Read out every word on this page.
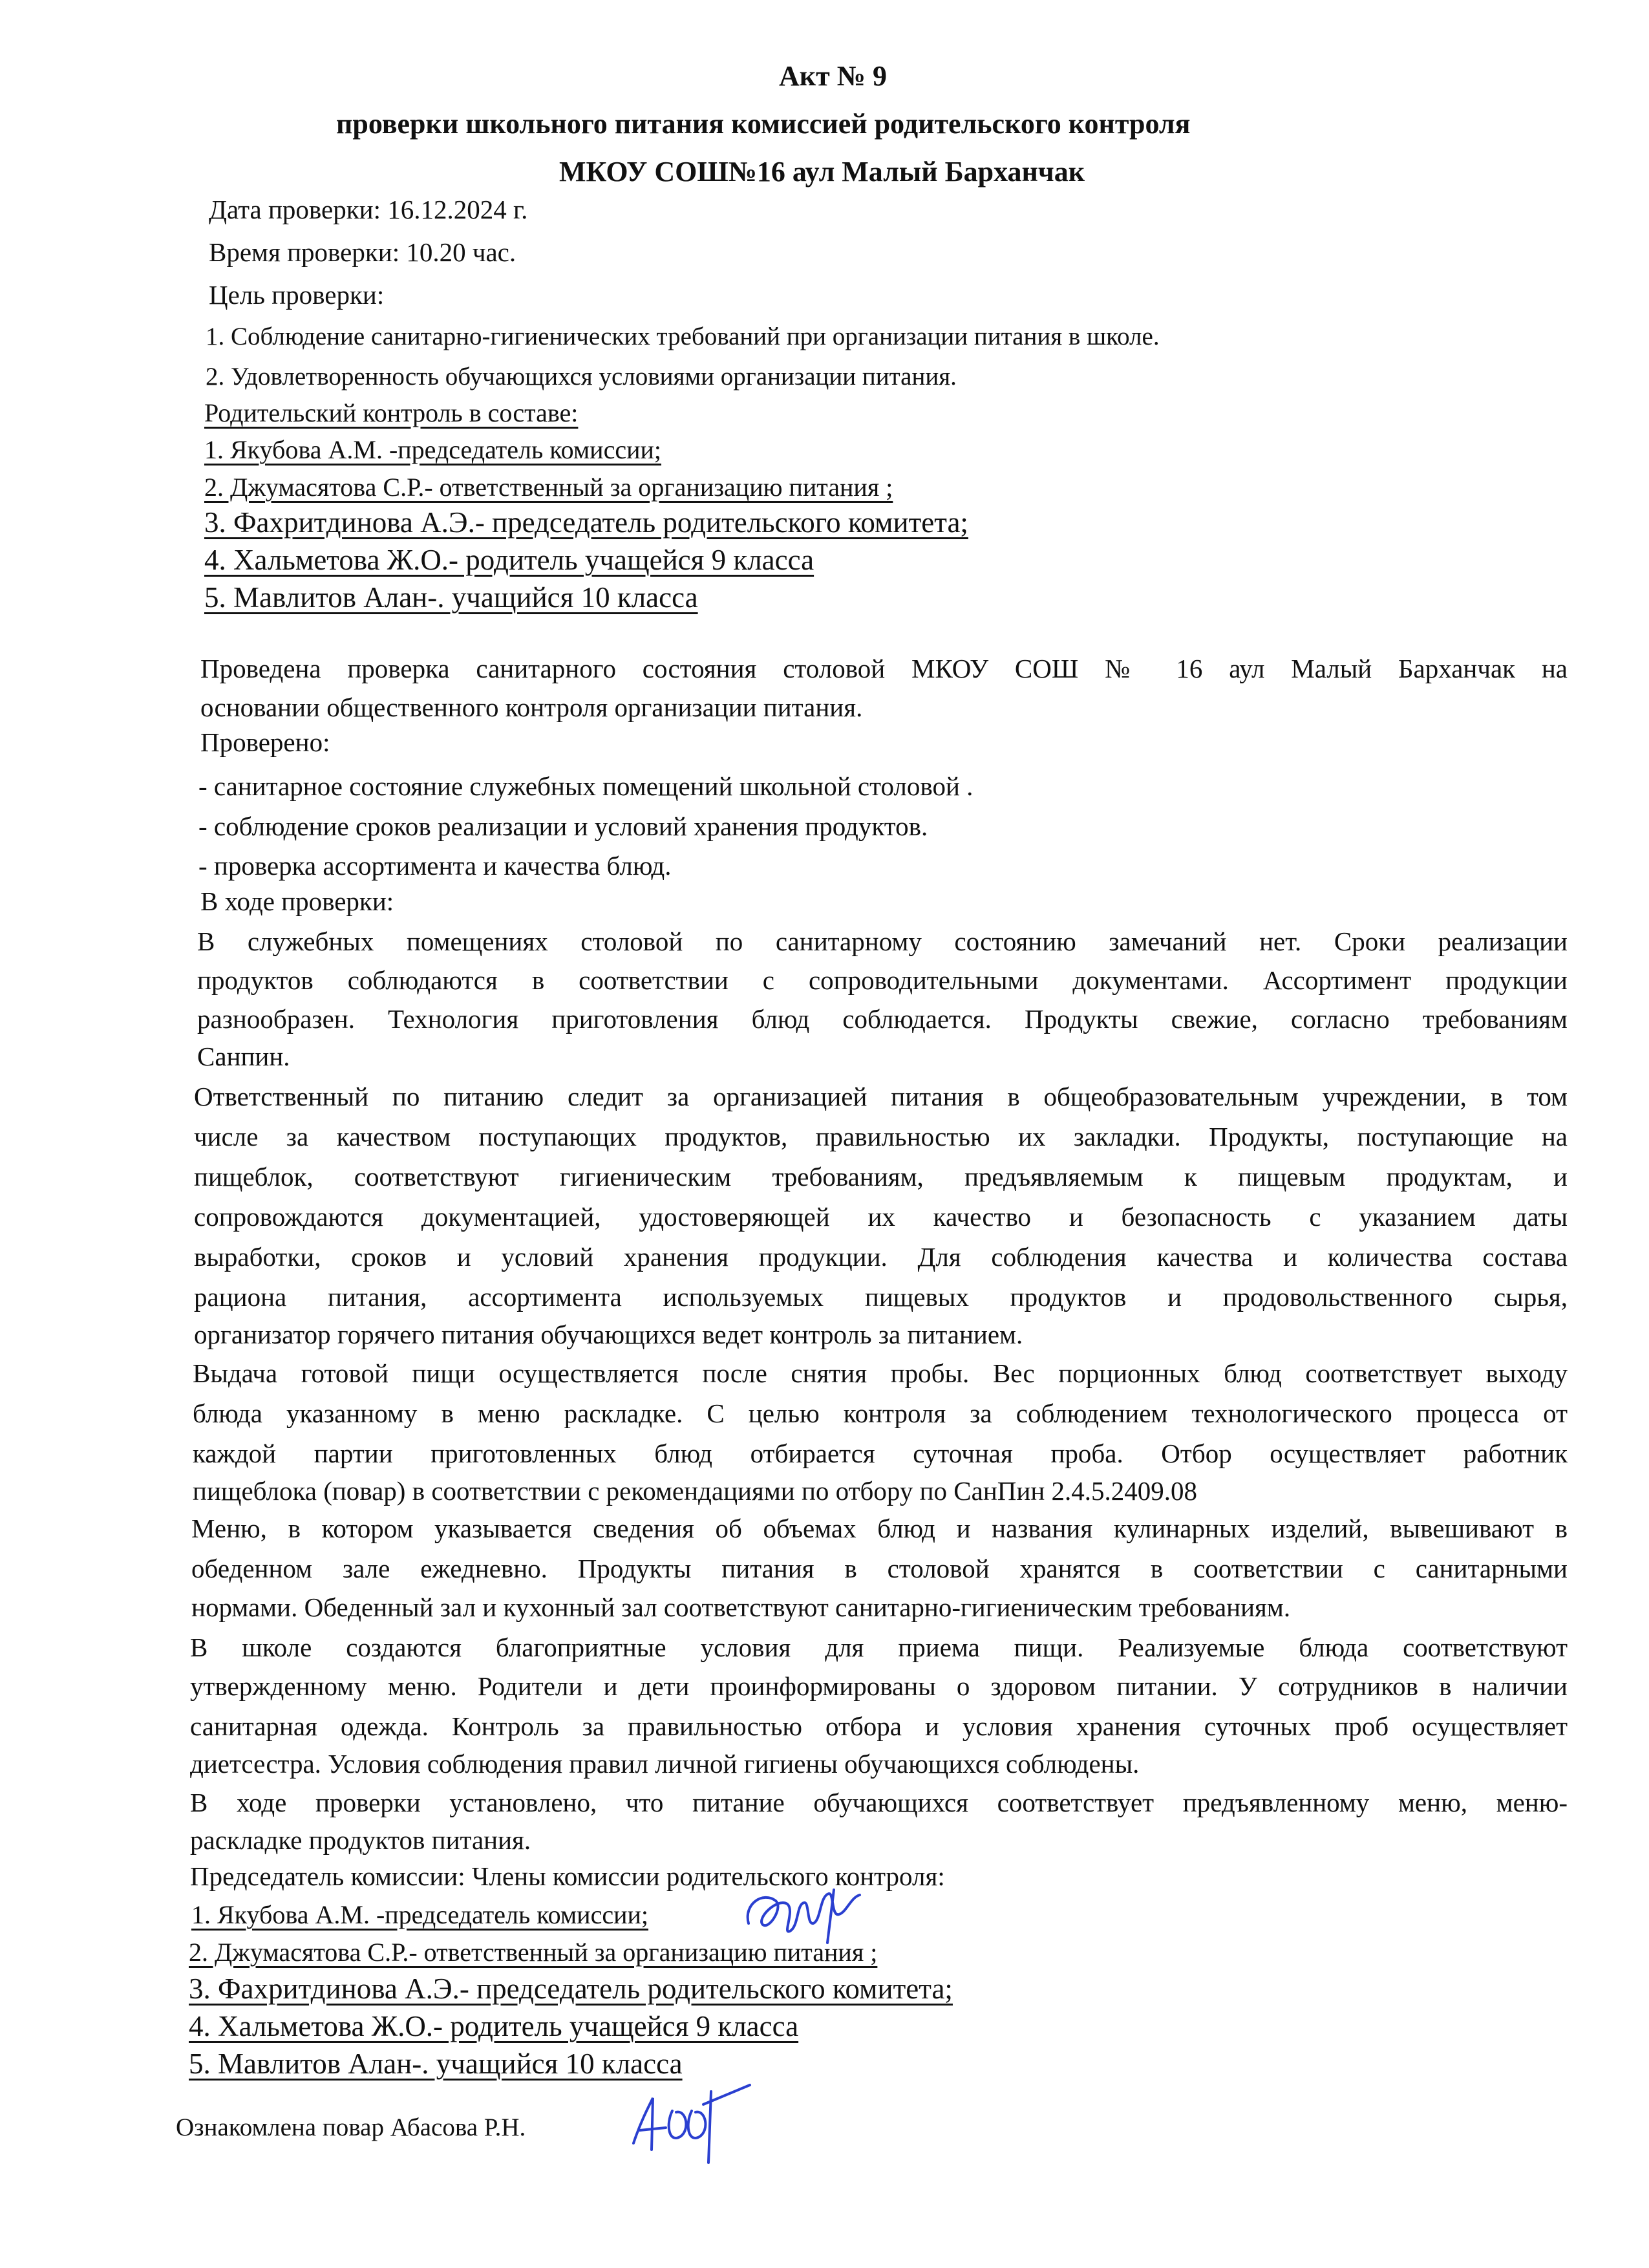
Акт № 9
проверки школьного питания комиссией родительского контроля
МКОУ СОШ№16 аул Малый Барханчак
Дата проверки: 16.12.2024 г.
Время проверки: 10.20 час.
Цель проверки:
1. Соблюдение санитарно-гигиенических требований при организации питания в школе.
2. Удовлетворенность обучающихся условиями организации питания.
Родительский контроль в составе:
1. Якубова А.М. -председатель комиссии;
2. Джумасятова С.Р.- ответственный за организацию питания ;
3. Фахритдинова А.Э.- председатель родительского комитета;
4. Хальметова Ж.О.- родитель учащейся 9 класса
5. Мавлитов Алан-. учащийся 10 класса
Проведена проверка санитарного состояния столовой МКОУ СОШ № 16 аул Малый Барханчак на
основании общественного контроля организации питания.
Проверено:
- санитарное состояние служебных помещений школьной столовой .
- соблюдение сроков реализации и условий хранения продуктов.
- проверка ассортимента и качества блюд.
В ходе проверки:
В служебных помещениях столовой по санитарному состоянию замечаний нет. Сроки реализации
продуктов соблюдаются в соответствии с сопроводительными документами. Ассортимент продукции
разнообразен. Технология приготовления блюд соблюдается. Продукты свежие, согласно требованиям
Санпин.
Ответственный по питанию следит за организацией питания в общеобразовательным учреждении, в том
числе за качеством поступающих продуктов, правильностью их закладки. Продукты, поступающие на
пищеблок, соответствуют гигиеническим требованиям, предъявляемым к пищевым продуктам, и
сопровождаются документацией, удостоверяющей их качество и безопасность с указанием даты
выработки, сроков и условий хранения продукции. Для соблюдения качества и количества состава
рациона питания, ассортимента используемых пищевых продуктов и продовольственного сырья,
организатор горячего питания обучающихся ведет контроль за питанием.
Выдача готовой пищи осуществляется после снятия пробы. Вес порционных блюд соответствует выходу
блюда указанному в меню раскладке. С целью контроля за соблюдением технологического процесса от
каждой партии приготовленных блюд отбирается суточная проба. Отбор осуществляет работник
пищеблока (повар) в соответствии с рекомендациями по отбору по СанПин 2.4.5.2409.08
Меню, в котором указывается сведения об объемах блюд и названия кулинарных изделий, вывешивают в
обеденном зале ежедневно. Продукты питания в столовой хранятся в соответствии с санитарными
нормами. Обеденный зал и кухонный зал соответствуют санитарно-гигиеническим требованиям.
В школе создаются благоприятные условия для приема пищи. Реализуемые блюда соответствуют
утвержденному меню. Родители и дети проинформированы о здоровом питании. У сотрудников в наличии
санитарная одежда. Контроль за правильностью отбора и условия хранения суточных проб осуществляет
диетсестра. Условия соблюдения правил личной гигиены обучающихся соблюдены.
В ходе проверки установлено, что питание обучающихся соответствует предъявленному меню, меню-
раскладке продуктов питания.
Председатель комиссии: Члены комиссии родительского контроля:
1. Якубова А.М. -председатель комиссии;
2. Джумасятова С.Р.- ответственный за организацию питания ;
3. Фахритдинова А.Э.- председатель родительского комитета;
4. Хальметова Ж.О.- родитель учащейся 9 класса
5. Мавлитов Алан-. учащийся 10 класса
Ознакомлена повар Абасова Р.Н.
